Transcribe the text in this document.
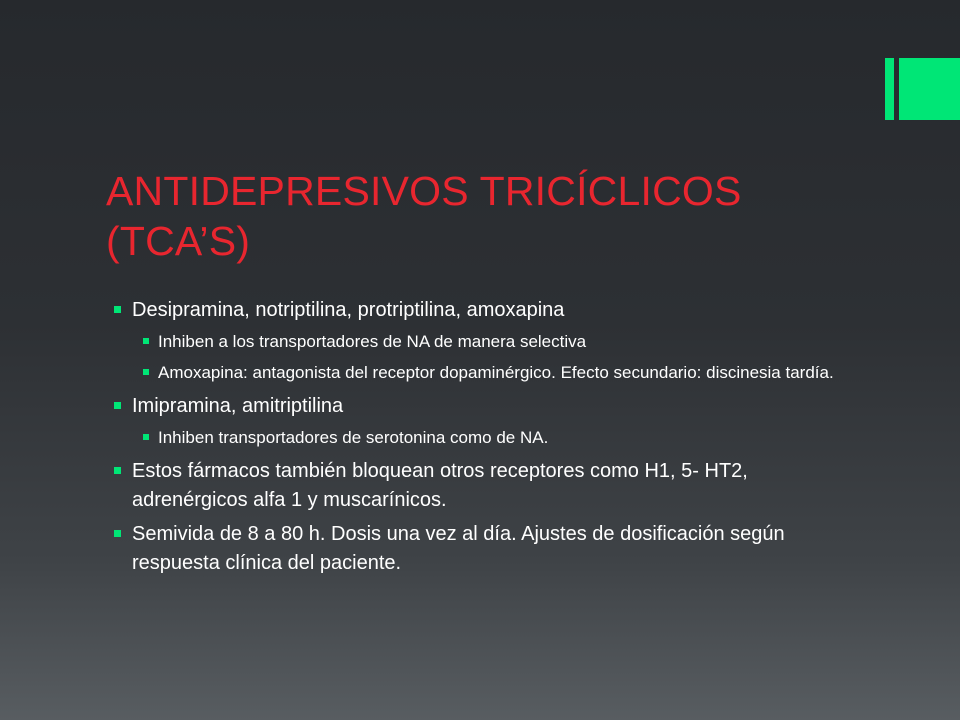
ANTIDEPRESIVOS TRICÍCLICOS (TCA’S)
Desipramina, notriptilina, protriptilina, amoxapina
Inhiben a los transportadores de NA de manera selectiva
Amoxapina: antagonista del receptor dopaminérgico. Efecto secundario: discinesia tardía.
Imipramina, amitriptilina
Inhiben transportadores de serotonina como de NA.
Estos fármacos también bloquean otros receptores como H1, 5- HT2, adrenérgicos alfa 1 y muscarínicos.
Semivida de 8 a 80 h. Dosis una vez al día. Ajustes de dosificación según respuesta clínica del paciente.
